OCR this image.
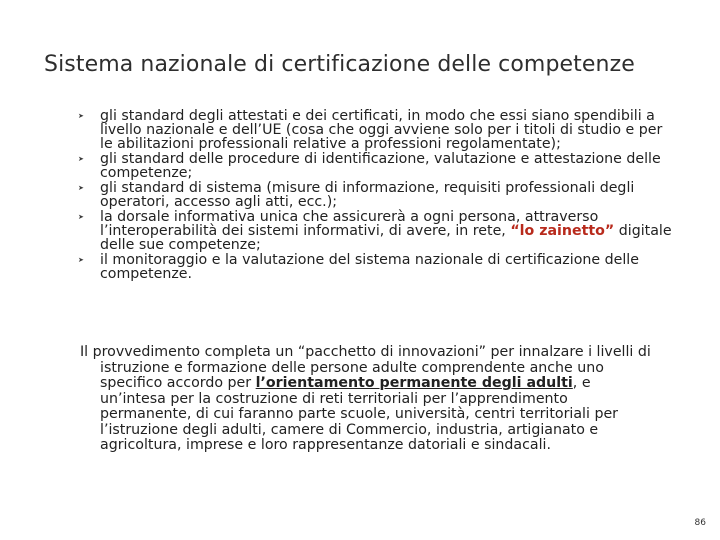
Sistema nazionale di certificazione delle competenze
➤ gli standard degli attestati e dei certificati, in modo che essi siano spendibili a livello nazionale e dell’UE (cosa che oggi avviene solo per i titoli di studio e per le abilitazioni professionali relative a professioni regolamentate);
➤ gli standard delle procedure di identificazione, valutazione e attestazione delle competenze;
➤ gli standard di sistema (misure di informazione, requisiti professionali degli operatori, accesso agli atti, ecc.);
➤ la dorsale informativa unica che assicurerà a ogni persona, attraverso l’interoperabilità dei sistemi informativi, di avere, in rete, “lo zainetto” digitale delle sue competenze;
➤ il monitoraggio e la valutazione del sistema nazionale di certificazione delle competenze.
Il provvedimento completa un “pacchetto di innovazioni” per innalzare i livelli di istruzione e formazione delle persone adulte comprendente anche uno specifico accordo per l’orientamento permanente degli adulti, e un’intesa per la costruzione di reti territoriali per l’apprendimento permanente, di cui faranno parte scuole, università, centri territoriali per l’istruzione degli adulti, camere di Commercio, industria, artigianato e agricoltura, imprese e loro rappresentanze datoriali e sindacali.
86
